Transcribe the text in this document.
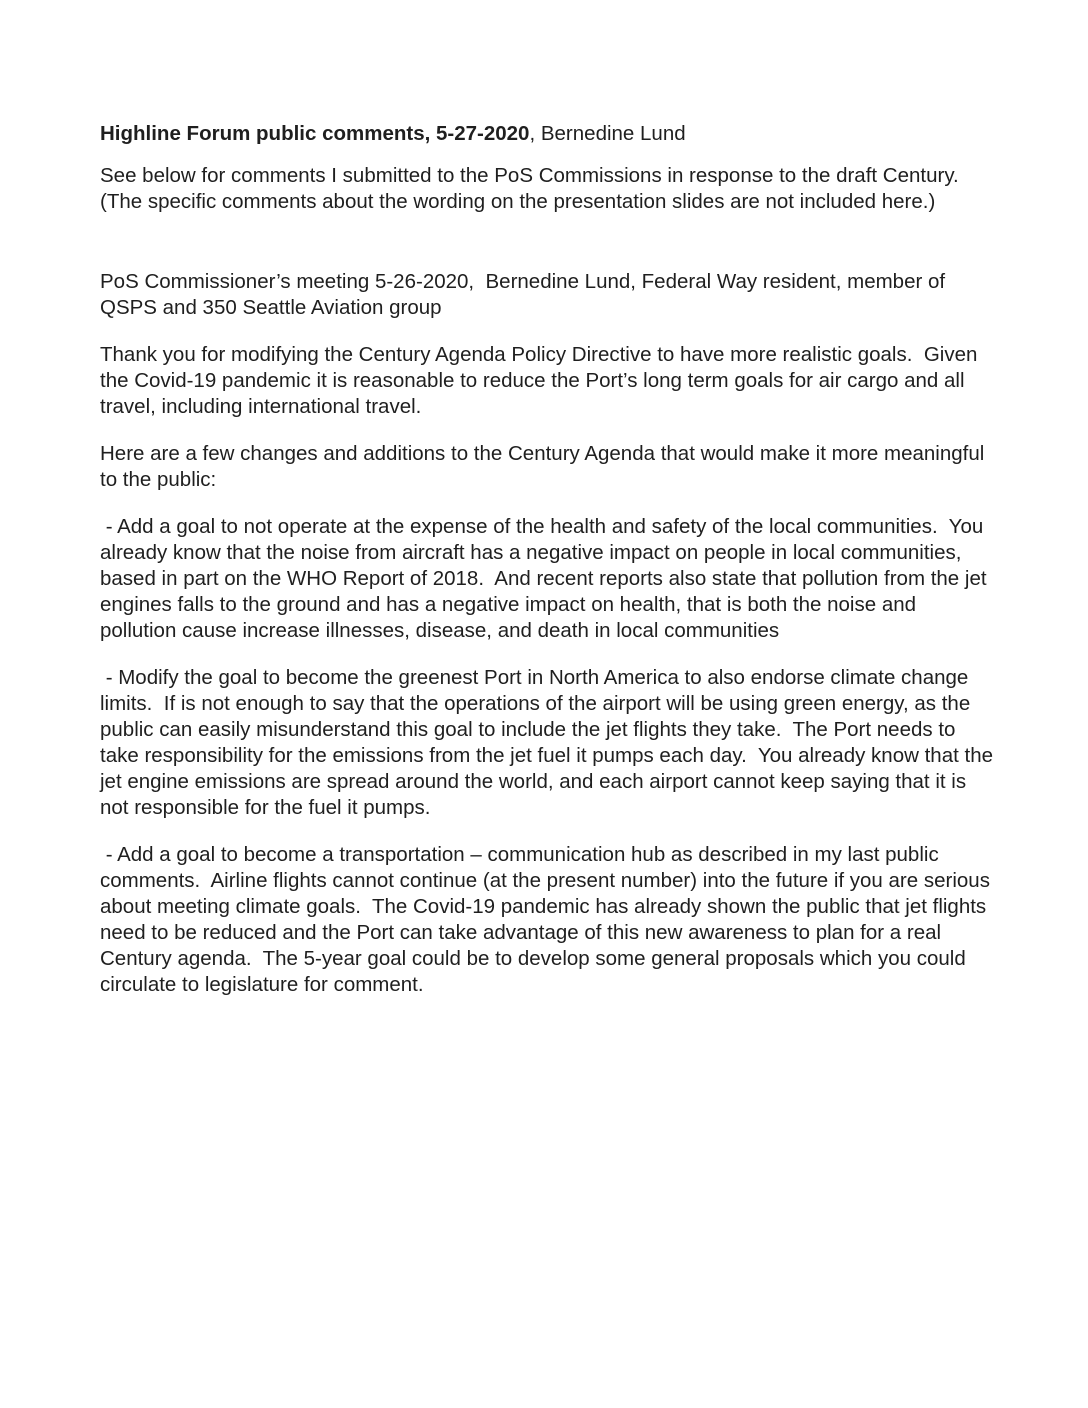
Highline Forum public comments, 5-27-2020, Bernedine Lund

See below for comments I submitted to the PoS Commissions in response to the draft Century.  (The specific comments about the wording on the presentation slides are not included here.)

PoS Commissioner’s meeting 5-26-2020,  Bernedine Lund, Federal Way resident, member of QSPS and 350 Seattle Aviation group

Thank you for modifying the Century Agenda Policy Directive to have more realistic goals.  Given the Covid-19 pandemic it is reasonable to reduce the Port’s long term goals for air cargo and all travel, including international travel.

Here are a few changes and additions to the Century Agenda that would make it more meaningful to the public:

- Add a goal to not operate at the expense of the health and safety of the local communities.  You already know that the noise from aircraft has a negative impact on people in local communities, based in part on the WHO Report of 2018.  And recent reports also state that pollution from the jet engines falls to the ground and has a negative impact on health, that is both the noise and pollution cause increase illnesses, disease, and death in local communities

- Modify the goal to become the greenest Port in North America to also endorse climate change limits.  If is not enough to say that the operations of the airport will be using green energy, as the public can easily misunderstand this goal to include the jet flights they take.  The Port needs to take responsibility for the emissions from the jet fuel it pumps each day.  You already know that the jet engine emissions are spread around the world, and each airport cannot keep saying that it is not responsible for the fuel it pumps.

- Add a goal to become a transportation – communication hub as described in my last public comments.  Airline flights cannot continue (at the present number) into the future if you are serious about meeting climate goals.  The Covid-19 pandemic has already shown the public that jet flights need to be reduced and the Port can take advantage of this new awareness to plan for a real Century agenda.  The 5-year goal could be to develop some general proposals which you could circulate to legislature for comment.
